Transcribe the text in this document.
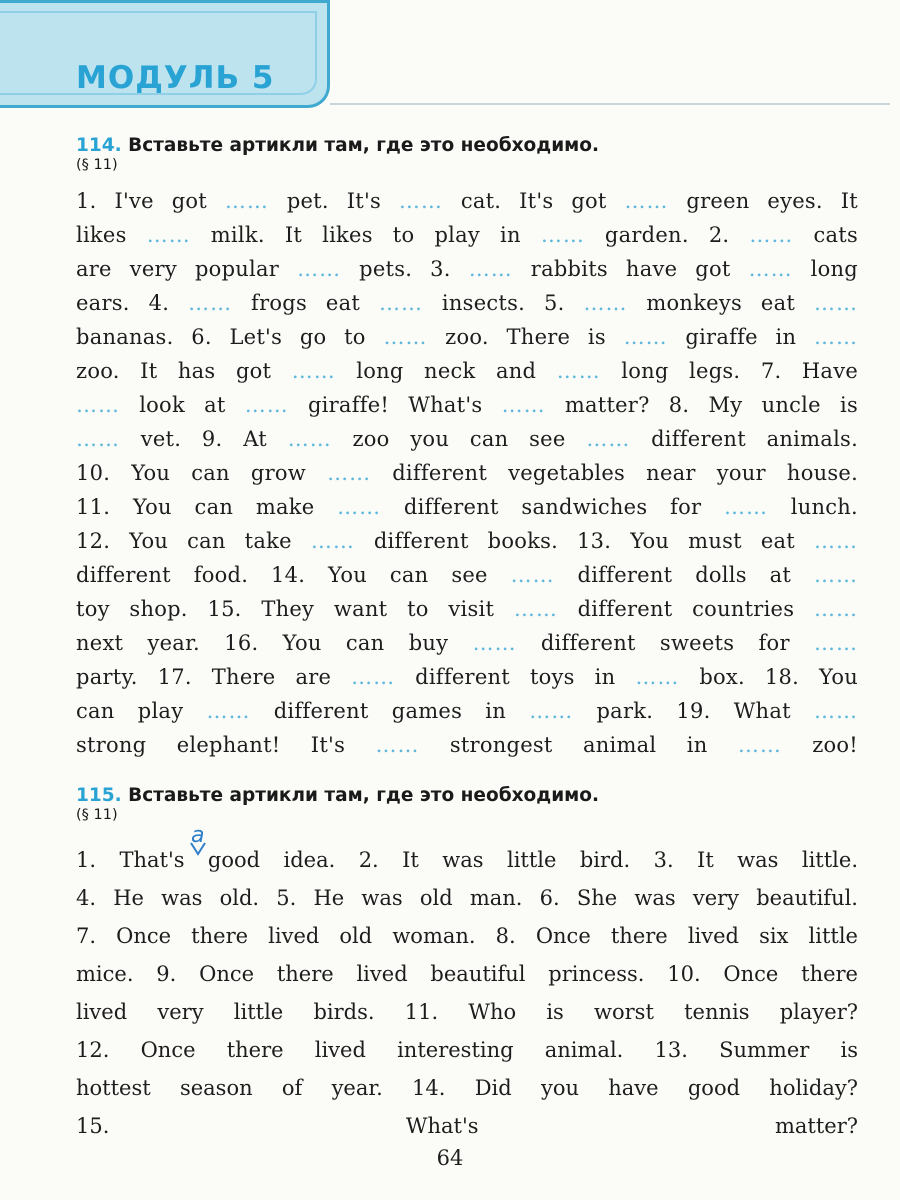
МОДУЛЬ 5
114. Вставьте артикли там, где это необходимо.
(§ 11)
1. I've got …… pet. It's …… cat. It's got …… green eyes. It
likes …… milk. It likes to play in …… garden. 2. …… cats
are very popular …… pets. 3. …… rabbits have got …… long
ears. 4. …… frogs eat …… insects. 5. …… monkeys eat ……
bananas. 6. Let's go to …… zoo. There is …… giraffe in ……
zoo. It has got …… long neck and …… long legs. 7. Have
…… look at …… giraffe! What's …… matter? 8. My uncle is
…… vet. 9. At …… zoo you can see …… different animals.
10. You can grow …… different vegetables near your house.
11. You can make …… different sandwiches for …… lunch.
12. You can take …… different books. 13. You must eat ……
different food. 14. You can see …… different dolls at ……
toy shop. 15. They want to visit …… different countries ……
next year. 16. You can buy …… different sweets for ……
party. 17. There are …… different toys in …… box. 18. You
can play …… different games in …… park. 19. What ……
strong elephant! It's …… strongest animal in …… zoo!
115. Вставьте артикли там, где это необходимо.
(§ 11)
1. That's good idea. 2. It was little bird. 3. It was little.
4. He was old. 5. He was old man. 6. She was very beautiful.
7. Once there lived old woman. 8. Once there lived six little
mice. 9. Once there lived beautiful princess. 10. Once there
lived very little birds. 11. Who is worst tennis player?
12. Once there lived interesting animal. 13. Summer is
hottest season of year. 14. Did you have good holiday?
15. What's matter?
a
64
